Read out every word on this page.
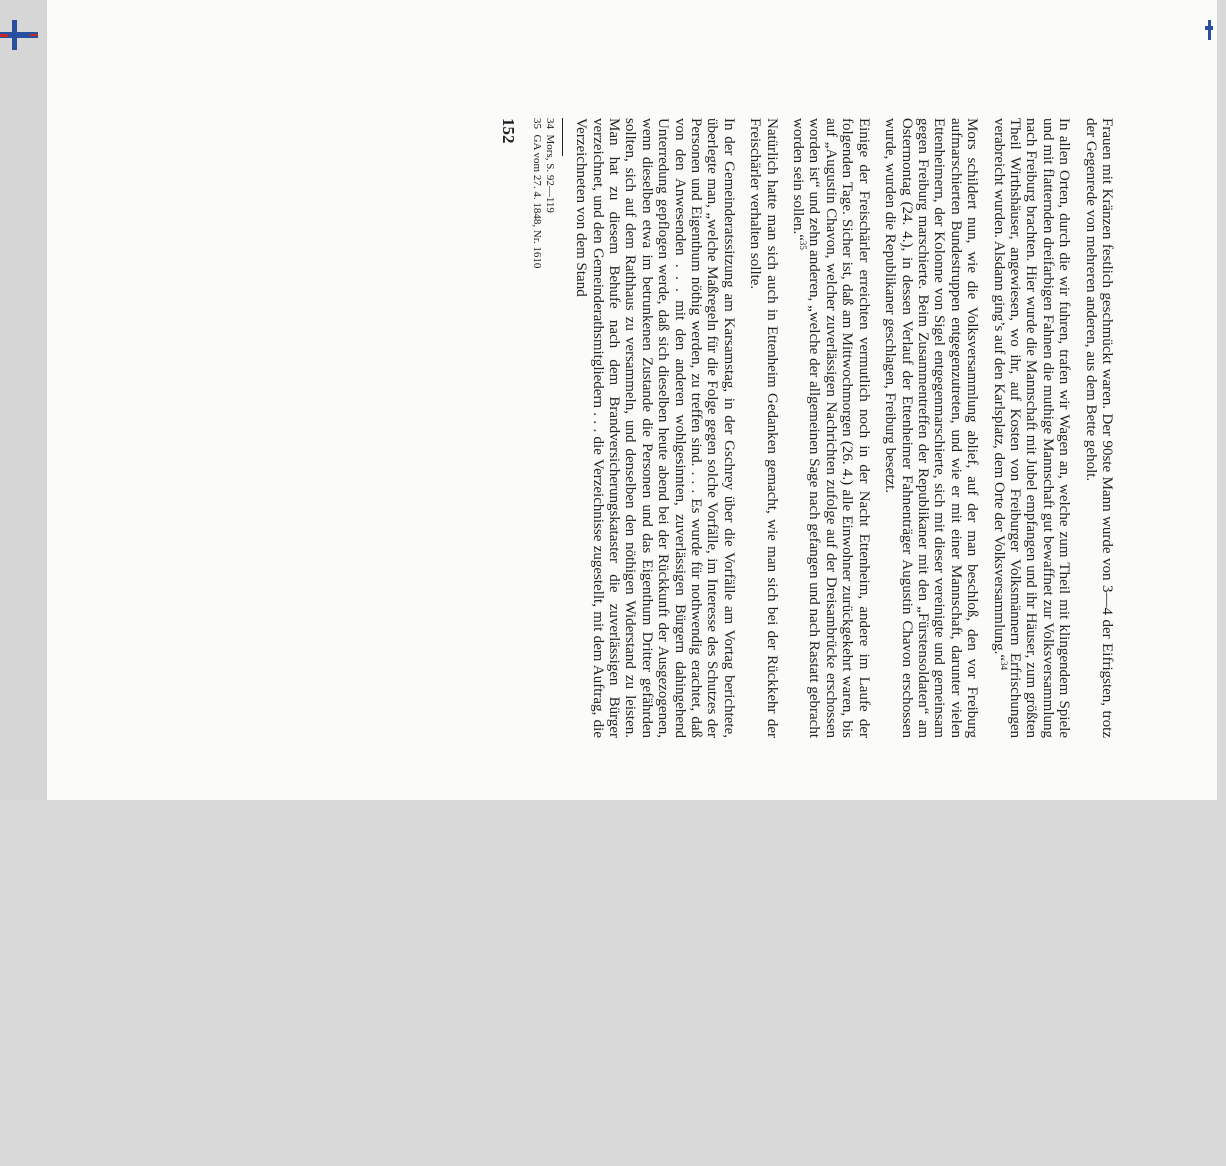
Frauen mit Kränzen festlich geschmückt waren. Der 90ste Mann wurde von 3—4 der Eifrigsten, trotz der Gegenrede von mehreren anderen, aus dem Bette geholt.

In allen Orten, durch die wir fuhren, trafen wir Wagen an, welche zum Theil mit klingendem Spiele und mit flatternden dreifarbigen Fahnen die muthige Mannschaft gut bewaffnet zur Volksversammlung nach Freiburg brachten. Hier wurde die Mannschaft mit Jubel empfangen und ihr Häuser, zum größten Theil Wirthshäuser, angewiesen, wo ihr, auf Kosten von Freiburger Volksmännern Erfrischungen verabreicht wurden. Alsdann ging’s auf den Karlsplatz, dem Orte der Volksversammlung.“$^{34}$

Mors schildert nun, wie die Volksversammlung ablief, auf der man beschloß, den vor Freiburg aufmarschierten Bundestruppen entgegenzutreten, und wie er mit einer Mannschaft, darunter vielen Ettenheimern, der Kolonne von Sigel entgegenmarschierte, sich mit dieser vereinigte und gemeinsam gegen Freiburg marschierte. Beim Zusammentreffen der Republikaner mit den „Fürstensoldaten“ am Ostermontag (24. 4.), in dessen Verlauf der Ettenheimer Fahnenträger Augustin Chavon erschossen wurde, wurden die Republikaner geschlagen, Freiburg besetzt.

Einige der Freischärler erreichten vermutlich noch in der Nacht Ettenheim, andere im Laufe der folgenden Tage. Sicher ist, daß am Mittwochmorgen (26. 4.) alle Einwohner zurückgekehrt waren, bis auf „Augustin Chavon, welcher zuverlässigen Nachrichten zufolge auf der Dreisambrücke erschossen worden ist“ und zehn anderen, „welche der allgemeinen Sage nach gefangen und nach Rastatt gebracht worden sein sollen.“$^{35}$

Natürlich hatte man sich auch in Ettenheim Gedanken gemacht, wie man sich bei der Rückkehr der Freischärler verhalten sollte.

In der Gemeinderatssitzung am Karsamstag, in der Gschrey über die Vorfälle am Vortag berichtete, überlegte man, „welche Maßregeln für die Folge gegen solche Vorfälle, im Interesse des Schutzes der Personen und Eigenthum nöthig werden, zu treffen sind. . . . Es wurde für nothwendig erachtet, daß von den Anwesenden . . . mit den anderen wohlgesinnten, zuverlässigen Bürgern dahingehend Unterredung gepflogen werde, daß sich dieselben heute abend bei der Rückkunft der Ausgezogenen, wenn dieselben etwa im betrunkenen Zustande die Personen und das Eigenthum Dritter gefährden sollten, sich auf dem Rathhaus zu versammeln, und denselben den nöthigen Widerstand zu leisten. Man hat zu diesem Behufe nach dem Brandversicherungskataster die zuverlässigen Bürger verzeichnet, und den Gemeinderathsmitgliedern . . . die Verzeichnisse zugestellt, mit dem Auftrag, die Verzeichneten von dem Stand

34  Mors, S. 92—119
35  GA vom 27. 4. 1848, Nr. 1610
152
